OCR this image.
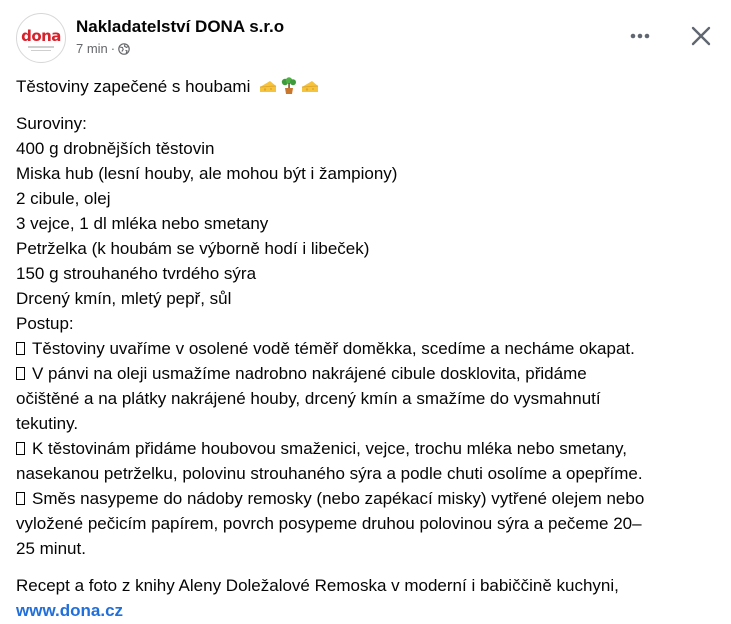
dona Nakladatelství DONA s.r.o
7 min ·

Těstoviny zapečené s houbami

Suroviny:

400 g drobnějších těstovin

Miska hub (lesní houby, ale mohou být i žampiony)

2 cibule, olej

3 vejce, 1 dl mléka nebo smetany

Petrželka (k houbám se výborně hodí i libeček)

150 g strouhaného tvrdého sýra

Drcený kmín, mletý pepř, sůl

Postup:

Těstoviny uvaříme v osolené vodě téměř doměkka, scedíme a necháme okapat.

V pánvi na oleji usmažíme nadrobno nakrájené cibule dosklovita, přidáme

očištěné a na plátky nakrájené houby, drcený kmín a smažíme do vysmahnutí

tekutiny.

K těstovinám přidáme houbovou smaženici, vejce, trochu mléka nebo smetany,

nasekanou petrželku, polovinu strouhaného sýra a podle chuti osolíme a opepříme.

Směs nasypeme do nádoby remosky (nebo zapékací misky) vytřené olejem nebo

vyložené pečicím papírem, povrch posypeme druhou polovinou sýra a pečeme 20–

25 minut.

Recept a foto z knihy Aleny Doležalové Remoska v moderní i babiččině kuchyni,

www.dona.cz
